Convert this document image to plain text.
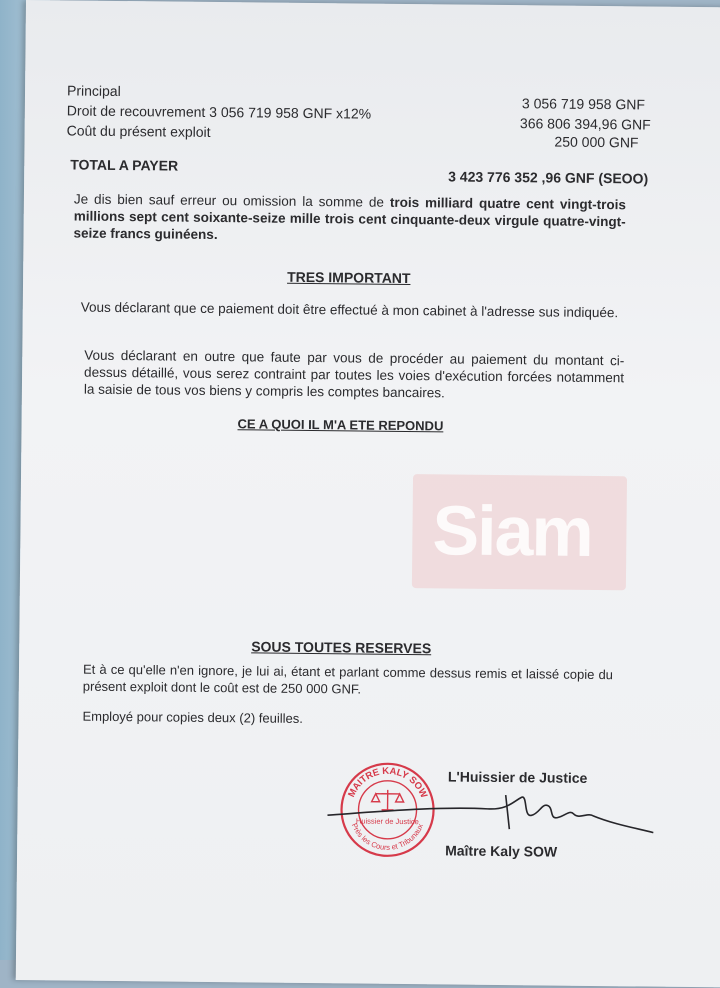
Principal
Droit de recouvrement 3 056 719 958 GNF x12%
Coût du présent exploit
3 056 719 958 GNF
366 806 394,96 GNF
250 000 GNF
TOTAL A PAYER
3 423 776 352 ,96 GNF (SEOO)
Je dis bien sauf erreur ou omission la somme de trois milliard quatre cent vingt-trois millions sept cent soixante-seize mille trois cent cinquante-deux virgule quatre-vingt-seize francs guinéens.
TRES IMPORTANT
Vous déclarant que ce paiement doit être effectué à mon cabinet à l'adresse sus indiquée.
Vous déclarant en outre que faute par vous de procéder au paiement du montant ci-dessus détaillé, vous serez contraint par toutes les voies d'exécution forcées notamment la saisie de tous vos biens y compris les comptes bancaires.
CE A QUOI IL M'A ETE REPONDU
Siam
SOUS TOUTES RESERVES
Et à ce qu'elle n'en ignore, je lui ai, étant et parlant comme dessus remis et laissé copie du présent exploit dont le coût est de 250 000 GNF.
Employé pour copies deux (2) feuilles.
L'Huissier de Justice
MAITRE KALY SOW
Près les Cours et Tribunaux
Huissier de Justice
Maître Kaly SOW
